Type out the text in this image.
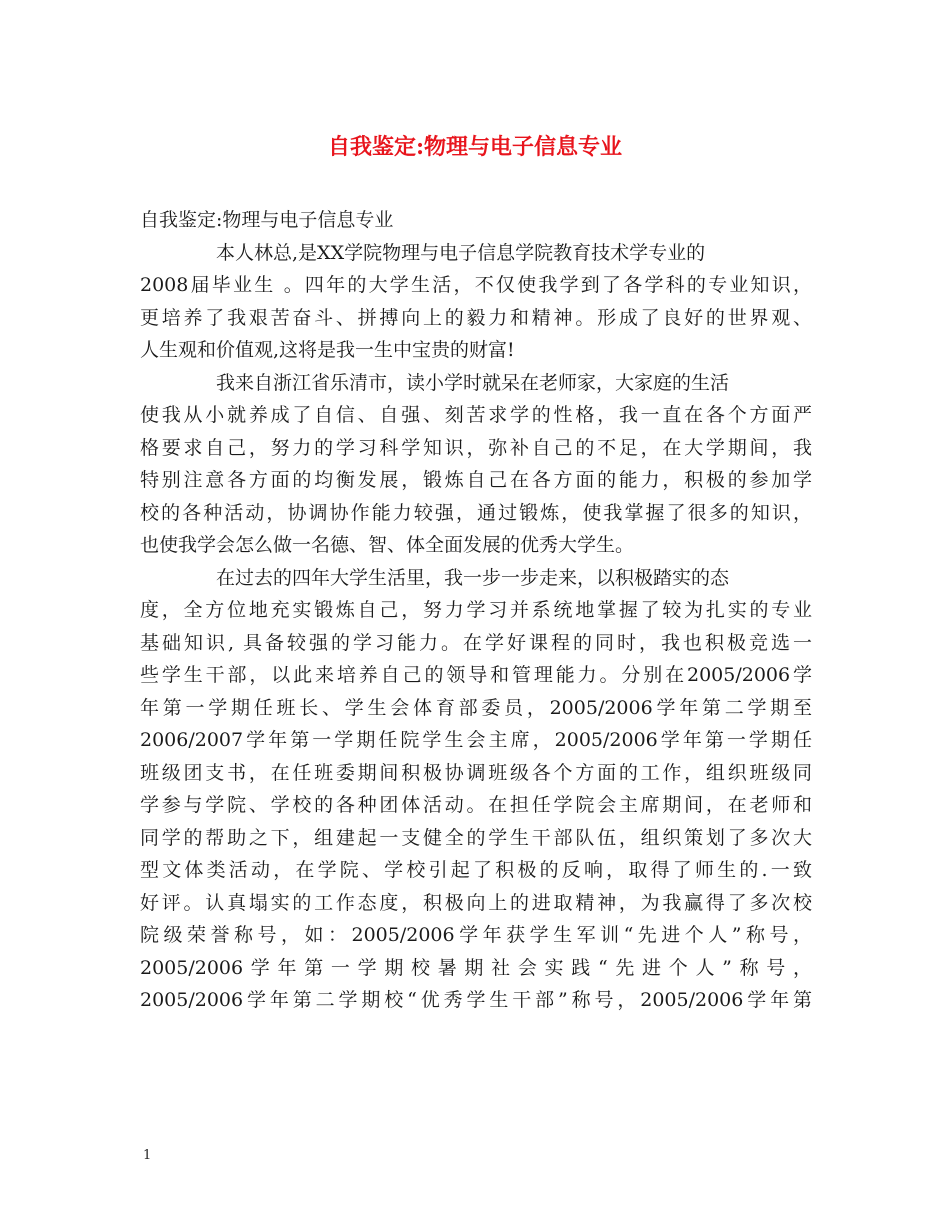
自我鉴定:物理与电子信息专业
自我鉴定:物理与电子信息专业
本人林总,是XX学院物理与电子信息学院教育技术学专业的
2008届毕业生 。四年的大学生活，不仅使我学到了各学科的专业知识，
更培养了我艰苦奋斗、拼搏向上的毅力和精神。形成了良好的世界观、
人生观和价值观,这将是我一生中宝贵的财富!
我来自浙江省乐清市，读小学时就呆在老师家，大家庭的生活
使我从小就养成了自信、自强、刻苦求学的性格，我一直在各个方面严
格要求自己，努力的学习科学知识，弥补自己的不足，在大学期间，我
特别注意各方面的均衡发展，锻炼自己在各方面的能力，积极的参加学
校的各种活动，协调协作能力较强，通过锻炼，使我掌握了很多的知识，
也使我学会怎么做一名德、智、体全面发展的优秀大学生。
在过去的四年大学生活里，我一步一步走来，以积极踏实的态
度，全方位地充实锻炼自己，努力学习并系统地掌握了较为扎实的专业
基础知识, 具备较强的学习能力。在学好课程的同时，我也积极竞选一
些学生干部，以此来培养自己的领导和管理能力。分别在2005/2006学
年第一学期任班长、学生会体育部委员，2005/2006学年第二学期至
2006/2007学年第一学期任院学生会主席，2005/2006学年第一学期任
班级团支书，在任班委期间积极协调班级各个方面的工作，组织班级同
学参与学院、学校的各种团体活动。在担任学院会主席期间，在老师和
同学的帮助之下，组建起一支健全的学生干部队伍，组织策划了多次大
型文体类活动，在学院、学校引起了积极的反响，取得了师生的.一致
好评。认真塌实的工作态度，积极向上的进取精神，为我赢得了多次校
院级荣誉称号，如：2005/2006学年获学生军训“先进个人”称号，
2005/2006学年第一学期校暑期社会实践“先进个人”称号，
2005/2006学年第二学期校“优秀学生干部”称号，2005/2006学年第
1
